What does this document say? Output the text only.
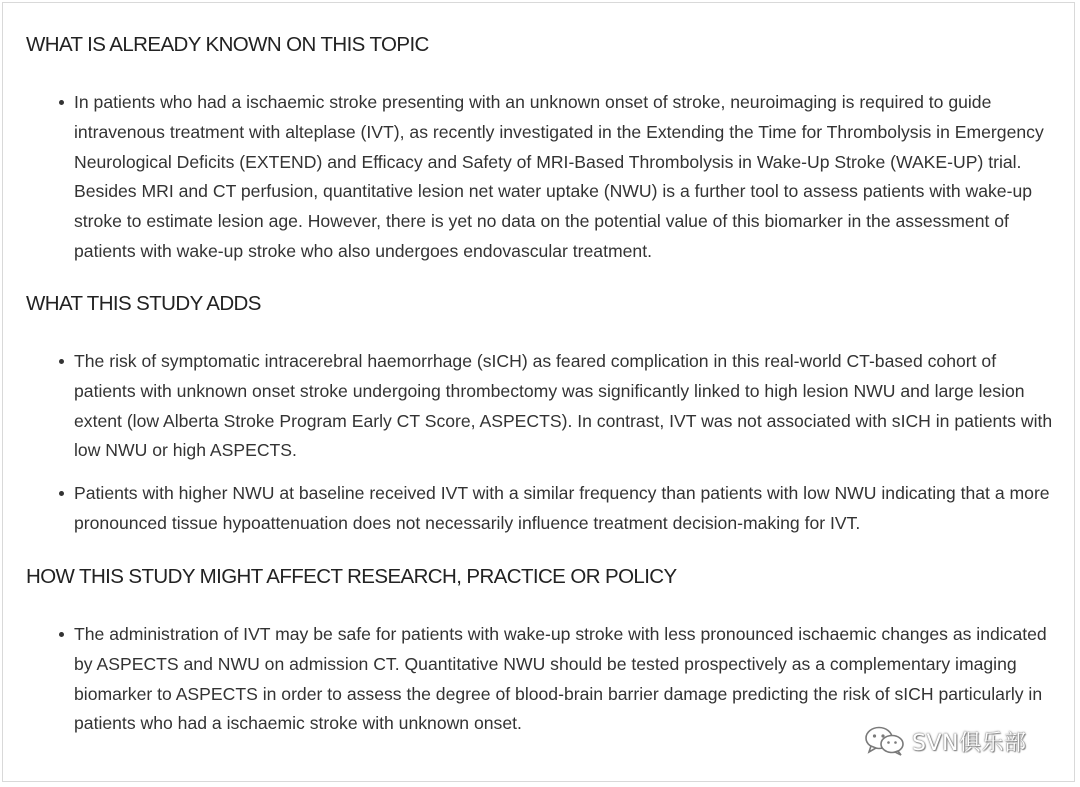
WHAT IS ALREADY KNOWN ON THIS TOPIC
In patients who had a ischaemic stroke presenting with an unknown onset of stroke, neuroimaging is required to guide intravenous treatment with alteplase (IVT), as recently investigated in the Extending the Time for Thrombolysis in Emergency Neurological Deficits (EXTEND) and Efficacy and Safety of MRI-Based Thrombolysis in Wake-Up Stroke (WAKE-UP) trial. Besides MRI and CT perfusion, quantitative lesion net water uptake (NWU) is a further tool to assess patients with wake-up stroke to estimate lesion age. However, there is yet no data on the potential value of this biomarker in the assessment of patients with wake-up stroke who also undergoes endovascular treatment.
WHAT THIS STUDY ADDS
The risk of symptomatic intracerebral haemorrhage (sICH) as feared complication in this real-world CT-based cohort of patients with unknown onset stroke undergoing thrombectomy was significantly linked to high lesion NWU and large lesion extent (low Alberta Stroke Program Early CT Score, ASPECTS). In contrast, IVT was not associated with sICH in patients with low NWU or high ASPECTS.
Patients with higher NWU at baseline received IVT with a similar frequency than patients with low NWU indicating that a more pronounced tissue hypoattenuation does not necessarily influence treatment decision-making for IVT.
HOW THIS STUDY MIGHT AFFECT RESEARCH, PRACTICE OR POLICY
The administration of IVT may be safe for patients with wake-up stroke with less pronounced ischaemic changes as indicated by ASPECTS and NWU on admission CT. Quantitative NWU should be tested prospectively as a complementary imaging biomarker to ASPECTS in order to assess the degree of blood-brain barrier damage predicting the risk of sICH particularly in patients who had a ischaemic stroke with unknown onset.
SVN俱乐部
